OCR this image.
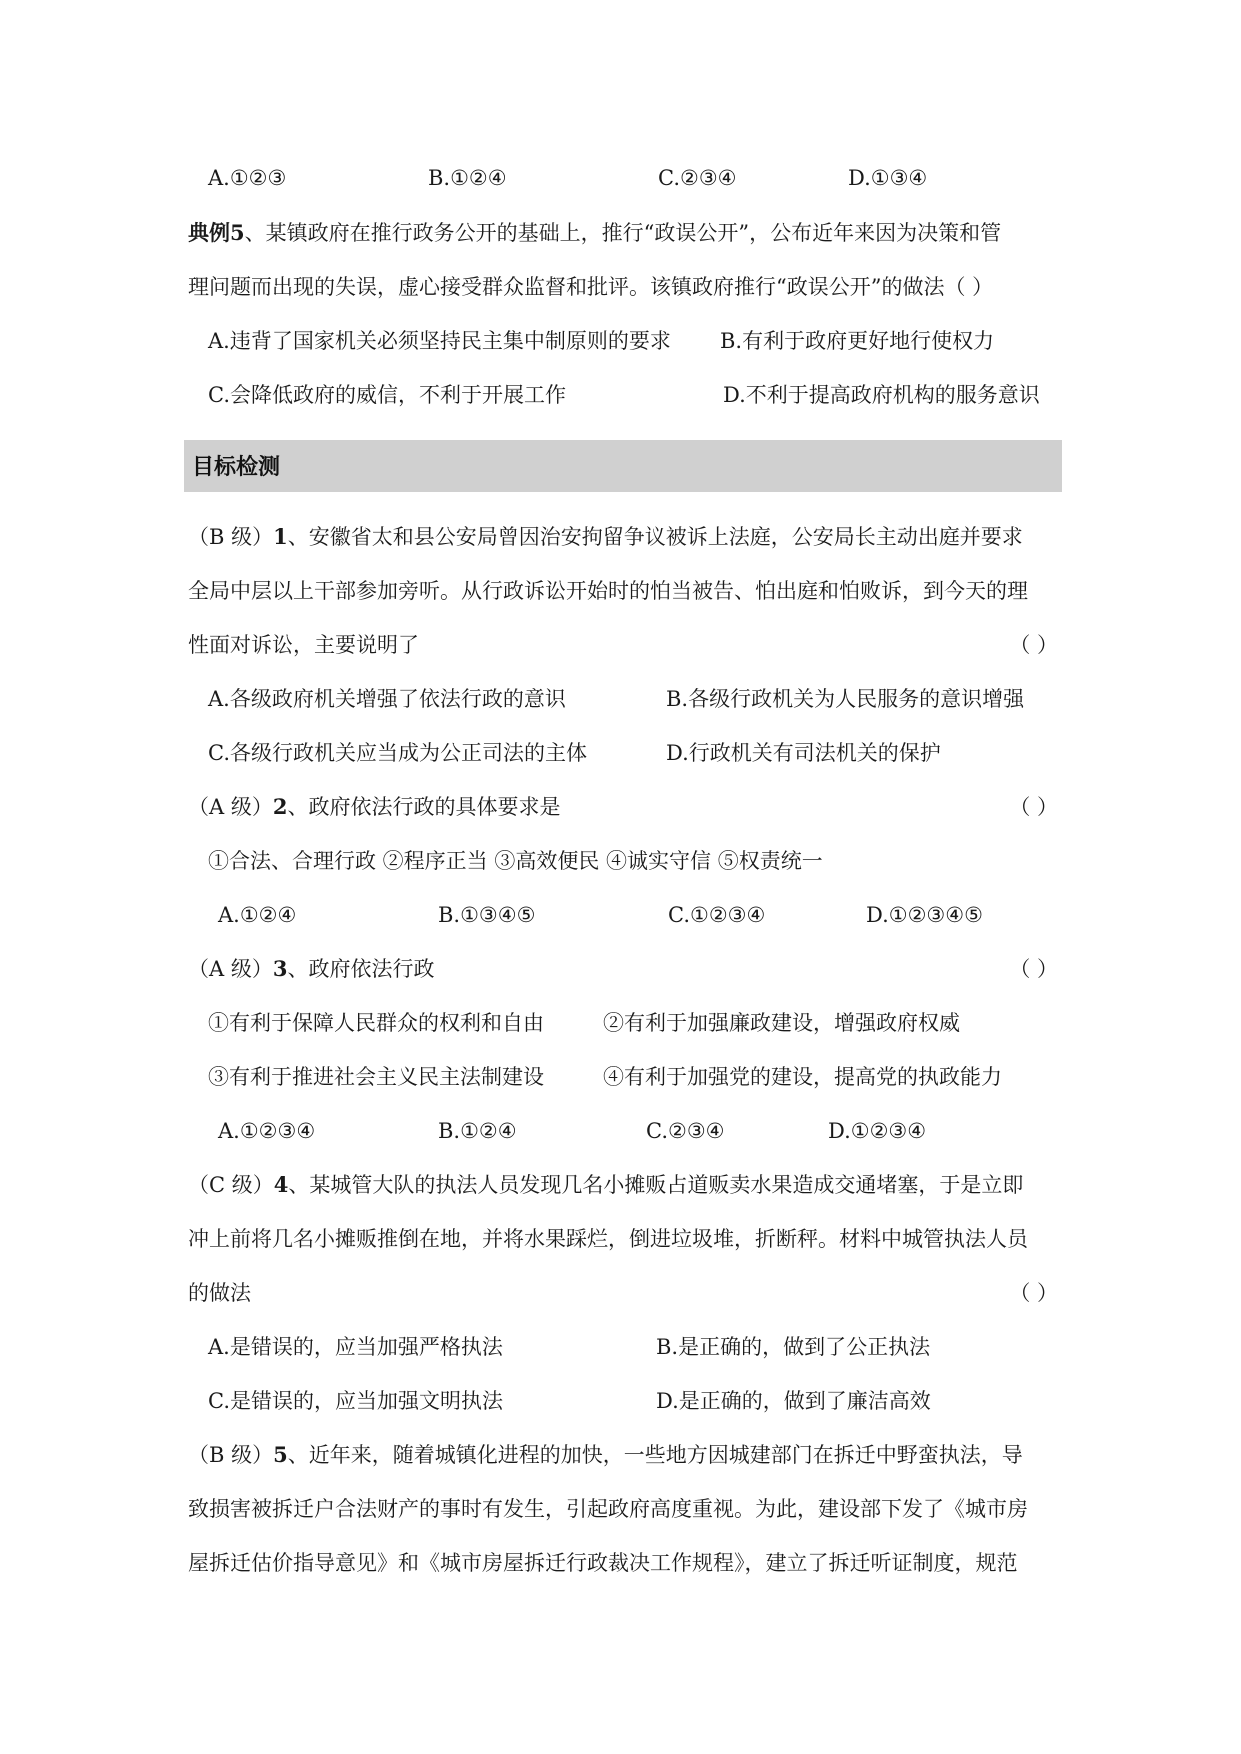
A.①②③	B.①②④	C.②③④	D.①③④
典例5、某镇政府在推行政务公开的基础上，推行“政误公开”，公布近年来因为决策和管
理问题而出现的失误，虚心接受群众监督和批评。该镇政府推行“政误公开”的做法（ ）
A.违背了国家机关必须坚持民主集中制原则的要求 B.有利于政府更好地行使权力
C.会降低政府的威信，不利于开展工作	D.不利于提高政府机构的服务意识
目标检测
（B 级）1、安徽省太和县公安局曾因治安拘留争议被诉上法庭，公安局长主动出庭并要求
全局中层以上干部参加旁听。从行政诉讼开始时的怕当被告、怕出庭和怕败诉，到今天的理
性面对诉讼，主要说明了	（ ）
A.各级政府机关增强了依法行政的意识	B.各级行政机关为人民服务的意识增强
C.各级行政机关应当成为公正司法的主体	D.行政机关有司法机关的保护
（A 级）2、政府依法行政的具体要求是	（ ）
①合法、合理行政 ②程序正当 ③高效便民 ④诚实守信 ⑤权责统一
A.①②④	B.①③④⑤	C.①②③④	D.①②③④⑤
（A 级）3、政府依法行政	（ ）
①有利于保障人民群众的权利和自由	②有利于加强廉政建设，增强政府权威
③有利于推进社会主义民主法制建设	④有利于加强党的建设，提高党的执政能力
A.①②③④	B.①②④	C.②③④	D.①②③④
（C 级）4、某城管大队的执法人员发现几名小摊贩占道贩卖水果造成交通堵塞，于是立即
冲上前将几名小摊贩推倒在地，并将水果踩烂，倒进垃圾堆，折断秤。材料中城管执法人员
的做法	（ ）
A.是错误的，应当加强严格执法	B.是正确的，做到了公正执法
C.是错误的，应当加强文明执法	D.是正确的，做到了廉洁高效
（B 级）5、近年来，随着城镇化进程的加快，一些地方因城建部门在拆迁中野蛮执法，导
致损害被拆迁户合法财产的事时有发生，引起政府高度重视。为此，建设部下发了《城市房
屋拆迁估价指导意见》和《城市房屋拆迁行政裁决工作规程》，建立了拆迁听证制度，规范
